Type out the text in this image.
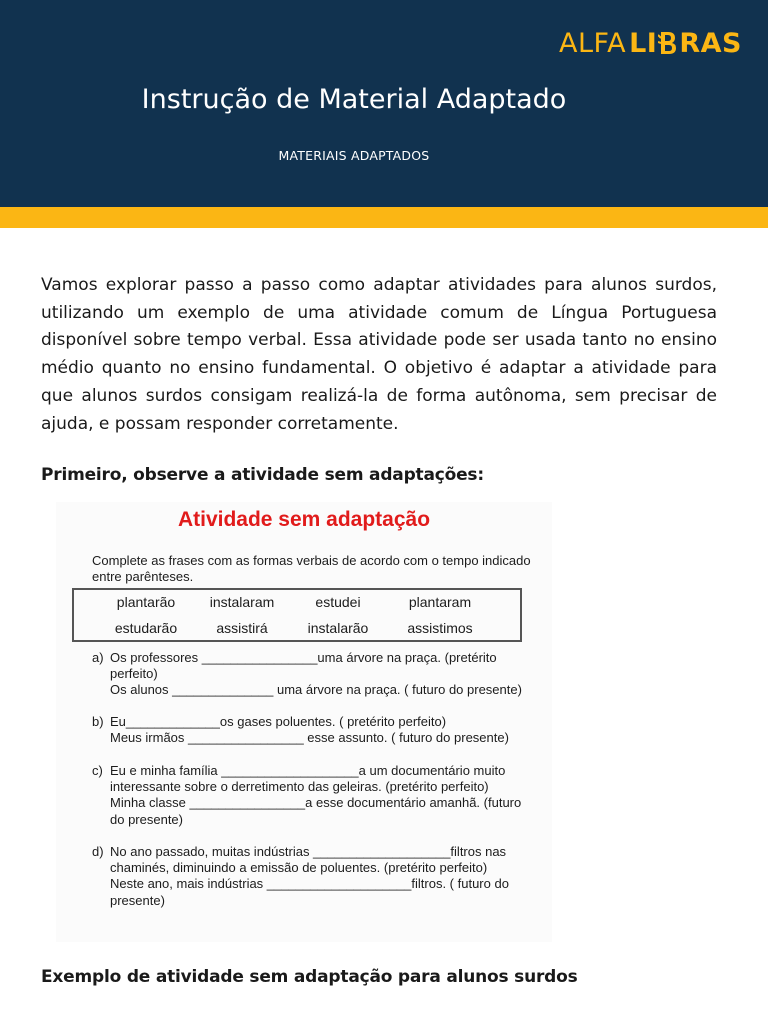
ALFA LI RAS
Instrução de Material Adaptado
MATERIAIS ADAPTADOS

Vamos explorar passo a passo como adaptar atividades para alunos surdos, utilizando um exemplo de uma atividade comum de Língua Portuguesa disponível sobre tempo verbal. Essa atividade pode ser usada tanto no ensino médio quanto no ensino fundamental. O objetivo é adaptar a atividade para que alunos surdos consigam realizá-la de forma autônoma, sem precisar de ajuda, e possam responder corretamente.

Primeiro, observe a atividade sem adaptações:
Atividade sem adaptação
Complete as frases com as formas verbais de acordo com o tempo indicado entre parênteses.
plantarão	instalaram	estudei	plantaram
estudarão	assistirá	instalarão	assistimos
a) Os professores ________________uma árvore na praça. (pretérito
perfeito)
Os alunos ______________ uma árvore na praça. ( futuro do presente)
b) Eu_____________os gases poluentes. ( pretérito perfeito)
Meus irmãos ________________ esse assunto. ( futuro do presente)
c) Eu e minha família ___________________a um documentário muito
interessante sobre o derretimento das geleiras. (pretérito perfeito)
Minha classe ________________a esse documentário amanhã. (futuro
do presente)
d) No ano passado, muitas indústrias ___________________filtros nas
chaminés, diminuindo a emissão de poluentes. (pretérito perfeito)
Neste ano, mais indústrias ____________________filtros. ( futuro do
presente)
Exemplo de atividade sem adaptação para alunos surdos
